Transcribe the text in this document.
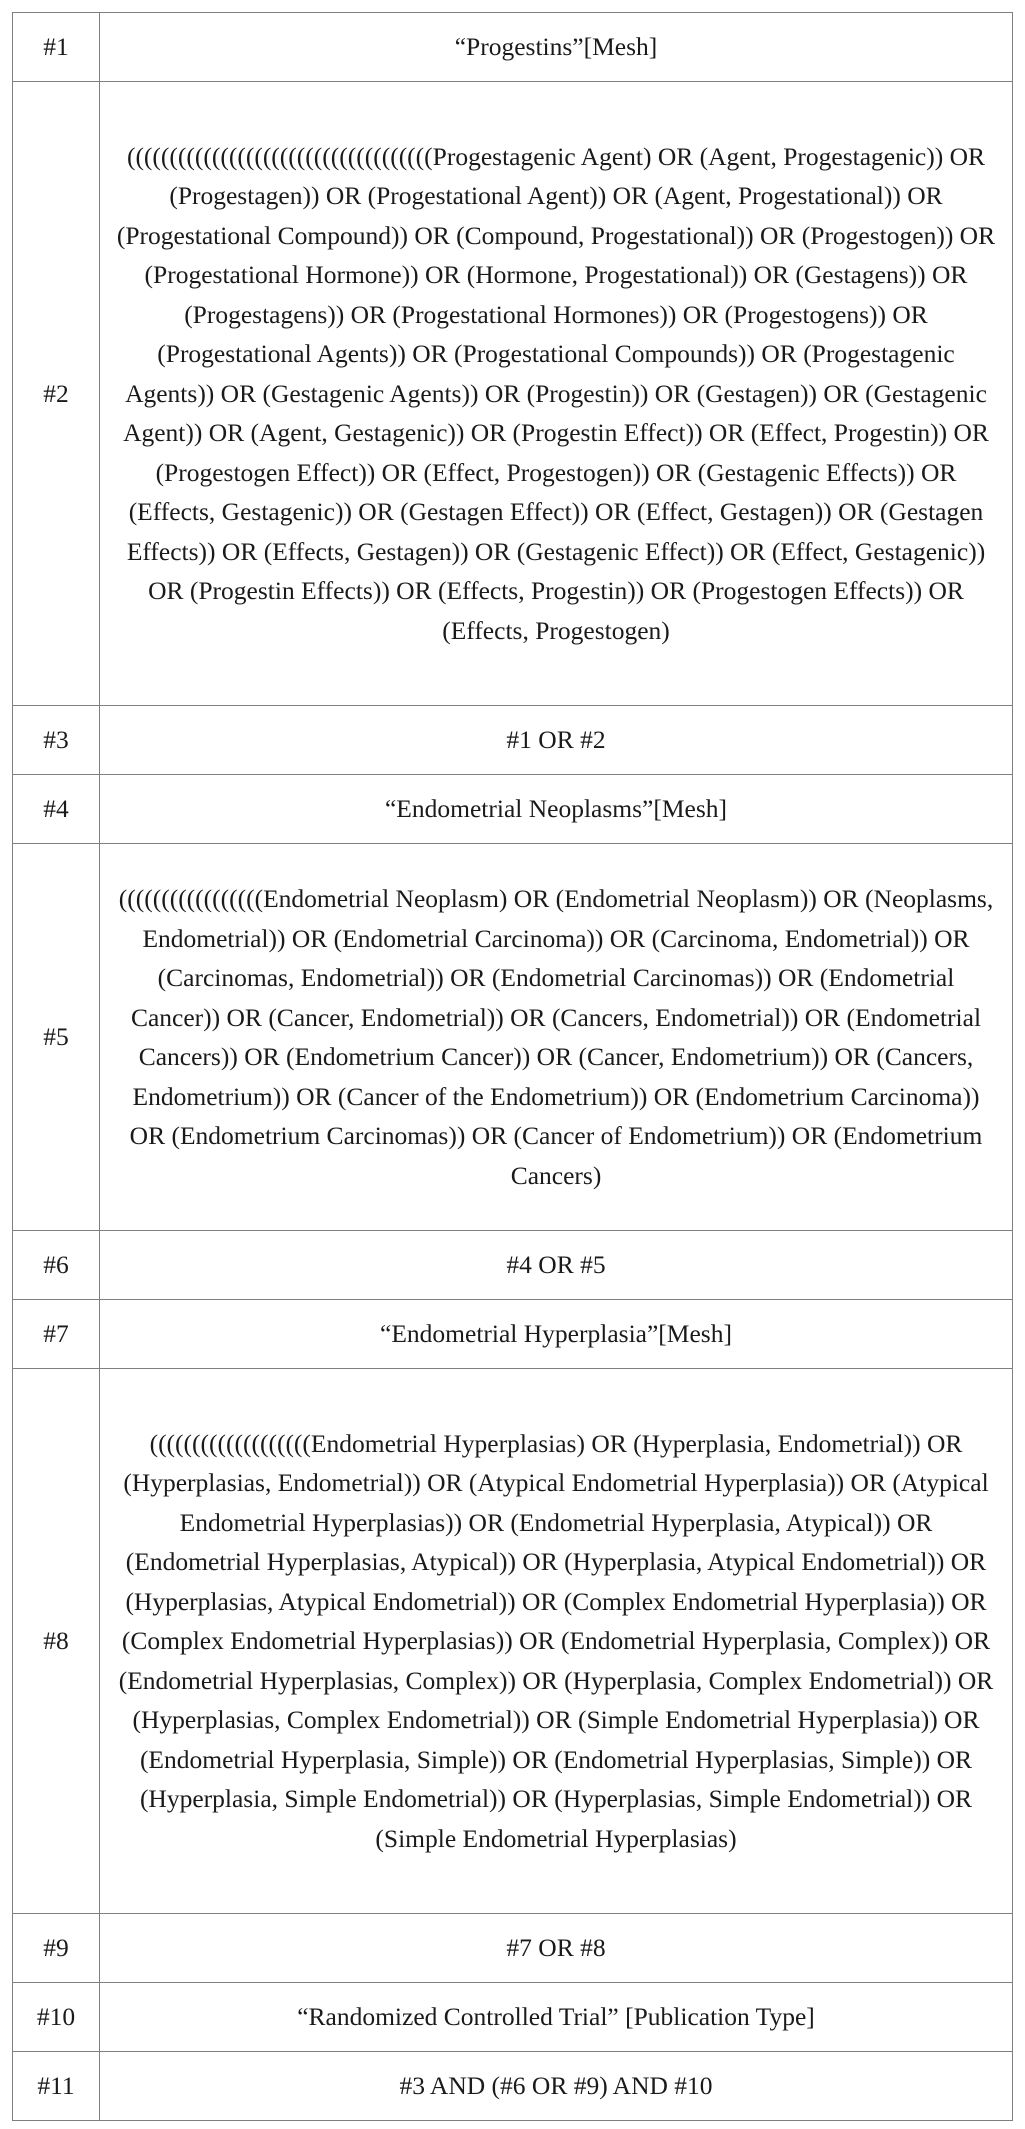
#1	“Progestins”[Mesh]
#2	((((((((((((((((((((((((((((((((((((Progestagenic Agent) OR (Agent, Progestagenic)) OR (Progestagen)) OR (Progestational Agent)) OR (Agent, Progestational)) OR (Progestational Compound)) OR (Compound, Progestational)) OR (Progestogen)) OR (Progestational Hormone)) OR (Hormone, Progestational)) OR (Gestagens)) OR (Progestagens)) OR (Progestational Hormones)) OR (Progestogens)) OR (Progestational Agents)) OR (Progestational Compounds)) OR (Progestagenic Agents)) OR (Gestagenic Agents)) OR (Progestin)) OR (Gestagen)) OR (Gestagenic Agent)) OR (Agent, Gestagenic)) OR (Progestin Effect)) OR (Effect, Progestin)) OR (Progestogen Effect)) OR (Effect, Progestogen)) OR (Gestagenic Effects)) OR (Effects, Gestagenic)) OR (Gestagen Effect)) OR (Effect, Gestagen)) OR (Gestagen Effects)) OR (Effects, Gestagen)) OR (Gestagenic Effect)) OR (Effect, Gestagenic)) OR (Progestin Effects)) OR (Effects, Progestin)) OR (Progestogen Effects)) OR (Effects, Progestogen)
#3	#1 OR #2
#4	“Endometrial Neoplasms”[Mesh]
#5	(((((((((((((((((Endometrial Neoplasm) OR (Endometrial Neoplasm)) OR (Neoplasms, Endometrial)) OR (Endometrial Carcinoma)) OR (Carcinoma, Endometrial)) OR (Carcinomas, Endometrial)) OR (Endometrial Carcinomas)) OR (Endometrial Cancer)) OR (Cancer, Endometrial)) OR (Cancers, Endometrial)) OR (Endometrial Cancers)) OR (Endometrium Cancer)) OR (Cancer, Endometrium)) OR (Cancers, Endometrium)) OR (Cancer of the Endometrium)) OR (Endometrium Carcinoma)) OR (Endometrium Carcinomas)) OR (Cancer of Endometrium)) OR (Endometrium Cancers)
#6	#4 OR #5
#7	“Endometrial Hyperplasia”[Mesh]
#8	(((((((((((((((((((Endometrial Hyperplasias) OR (Hyperplasia, Endometrial)) OR (Hyperplasias, Endometrial)) OR (Atypical Endometrial Hyperplasia)) OR (Atypical Endometrial Hyperplasias)) OR (Endometrial Hyperplasia, Atypical)) OR (Endometrial Hyperplasias, Atypical)) OR (Hyperplasia, Atypical Endometrial)) OR (Hyperplasias, Atypical Endometrial)) OR (Complex Endometrial Hyperplasia)) OR (Complex Endometrial Hyperplasias)) OR (Endometrial Hyperplasia, Complex)) OR (Endometrial Hyperplasias, Complex)) OR (Hyperplasia, Complex Endometrial)) OR (Hyperplasias, Complex Endometrial)) OR (Simple Endometrial Hyperplasia)) OR (Endometrial Hyperplasia, Simple)) OR (Endometrial Hyperplasias, Simple)) OR (Hyperplasia, Simple Endometrial)) OR (Hyperplasias, Simple Endometrial)) OR (Simple Endometrial Hyperplasias)
#9	#7 OR #8
#10	“Randomized Controlled Trial” [Publication Type]
#11	#3 AND (#6 OR #9) AND #10
